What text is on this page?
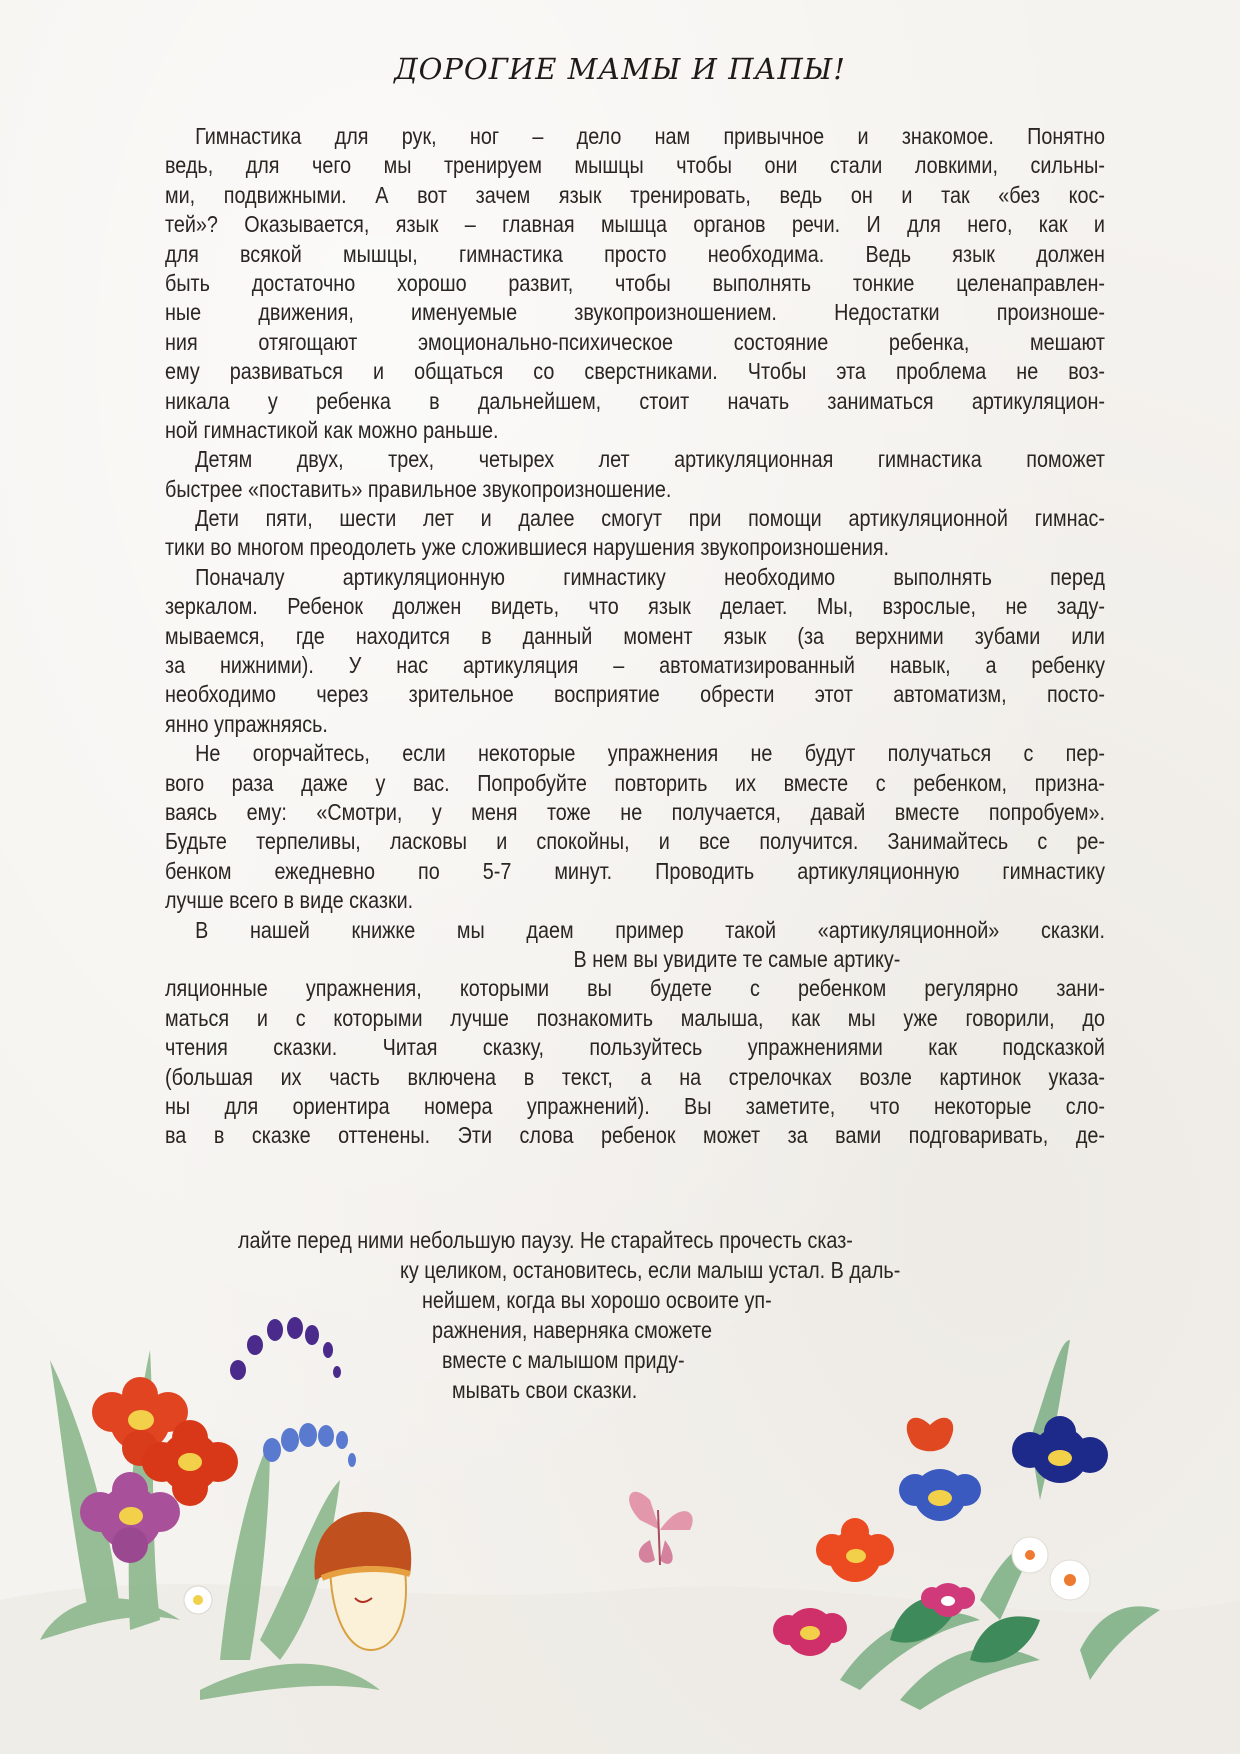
ДОРОГИЕ МАМЫ И ПАПЫ!
Гимнастика для рук, ног – дело нам привычное и знакомое. Понятно
ведь, для чего мы тренируем мышцы чтобы они стали ловкими, сильны-
ми, подвижными. А вот зачем язык тренировать, ведь он и так «без кос-
тей»? Оказывается, язык – главная мышца органов речи. И для него, как и
для всякой мышцы, гимнастика просто необходима. Ведь язык должен
быть достаточно хорошо развит, чтобы выполнять тонкие целенаправлен-
ные движения, именуемые звукопроизношением. Недостатки произноше-
ния отягощают эмоционально-психическое состояние ребенка, мешают
ему развиваться и общаться со сверстниками. Чтобы эта проблема не воз-
никала у ребенка в дальнейшем, стоит начать заниматься артикуляцион-
ной гимнастикой как можно раньше.
Детям двух, трех, четырех лет артикуляционная гимнастика поможет
быстрее «поставить» правильное звукопроизношение.
Дети пяти, шести лет и далее смогут при помощи артикуляционной гимнас-
тики во многом преодолеть уже сложившиеся нарушения звукопроизношения.
Поначалу артикуляционную гимнастику необходимо выполнять перед
зеркалом. Ребенок должен видеть, что язык делает. Мы, взрослые, не заду-
мываемся, где находится в данный момент язык (за верхними зубами или
за нижними). У нас артикуляция – автоматизированный навык, а ребенку
необходимо через зрительное восприятие обрести этот автоматизм, посто-
янно упражняясь.
Не огорчайтесь, если некоторые упражнения не будут получаться с пер-
вого раза даже у вас. Попробуйте повторить их вместе с ребенком, призна-
ваясь ему: «Смотри, у меня тоже не получается, давай вместе попробуем».
Будьте терпеливы, ласковы и спокойны, и все получится. Занимайтесь с ре-
бенком ежедневно по 5-7 минут. Проводить артикуляционную гимнастику
лучше всего в виде сказки.
В нашей книжке мы даем пример такой «артикуляционной» сказки.
В нем вы увидите те самые артику-
ляционные упражнения, которыми вы будете с ребенком регулярно зани-
маться и с которыми лучше познакомить малыша, как мы уже говорили, до
чтения сказки. Читая сказку, пользуйтесь упражнениями как подсказкой
(большая их часть включена в текст, а на стрелочках возле картинок указа-
ны для ориентира номера упражнений). Вы заметите, что некоторые сло-
ва в сказке оттенены. Эти слова ребенок может за вами подговаривать, де-
лайте перед ними небольшую паузу. Не старайтесь прочесть сказ-
ку целиком, остановитесь, если малыш устал. В даль-
нейшем, когда вы хорошо освоите уп-
ражнения, наверняка сможете
вместе с малышом приду-
мывать свои сказки.
